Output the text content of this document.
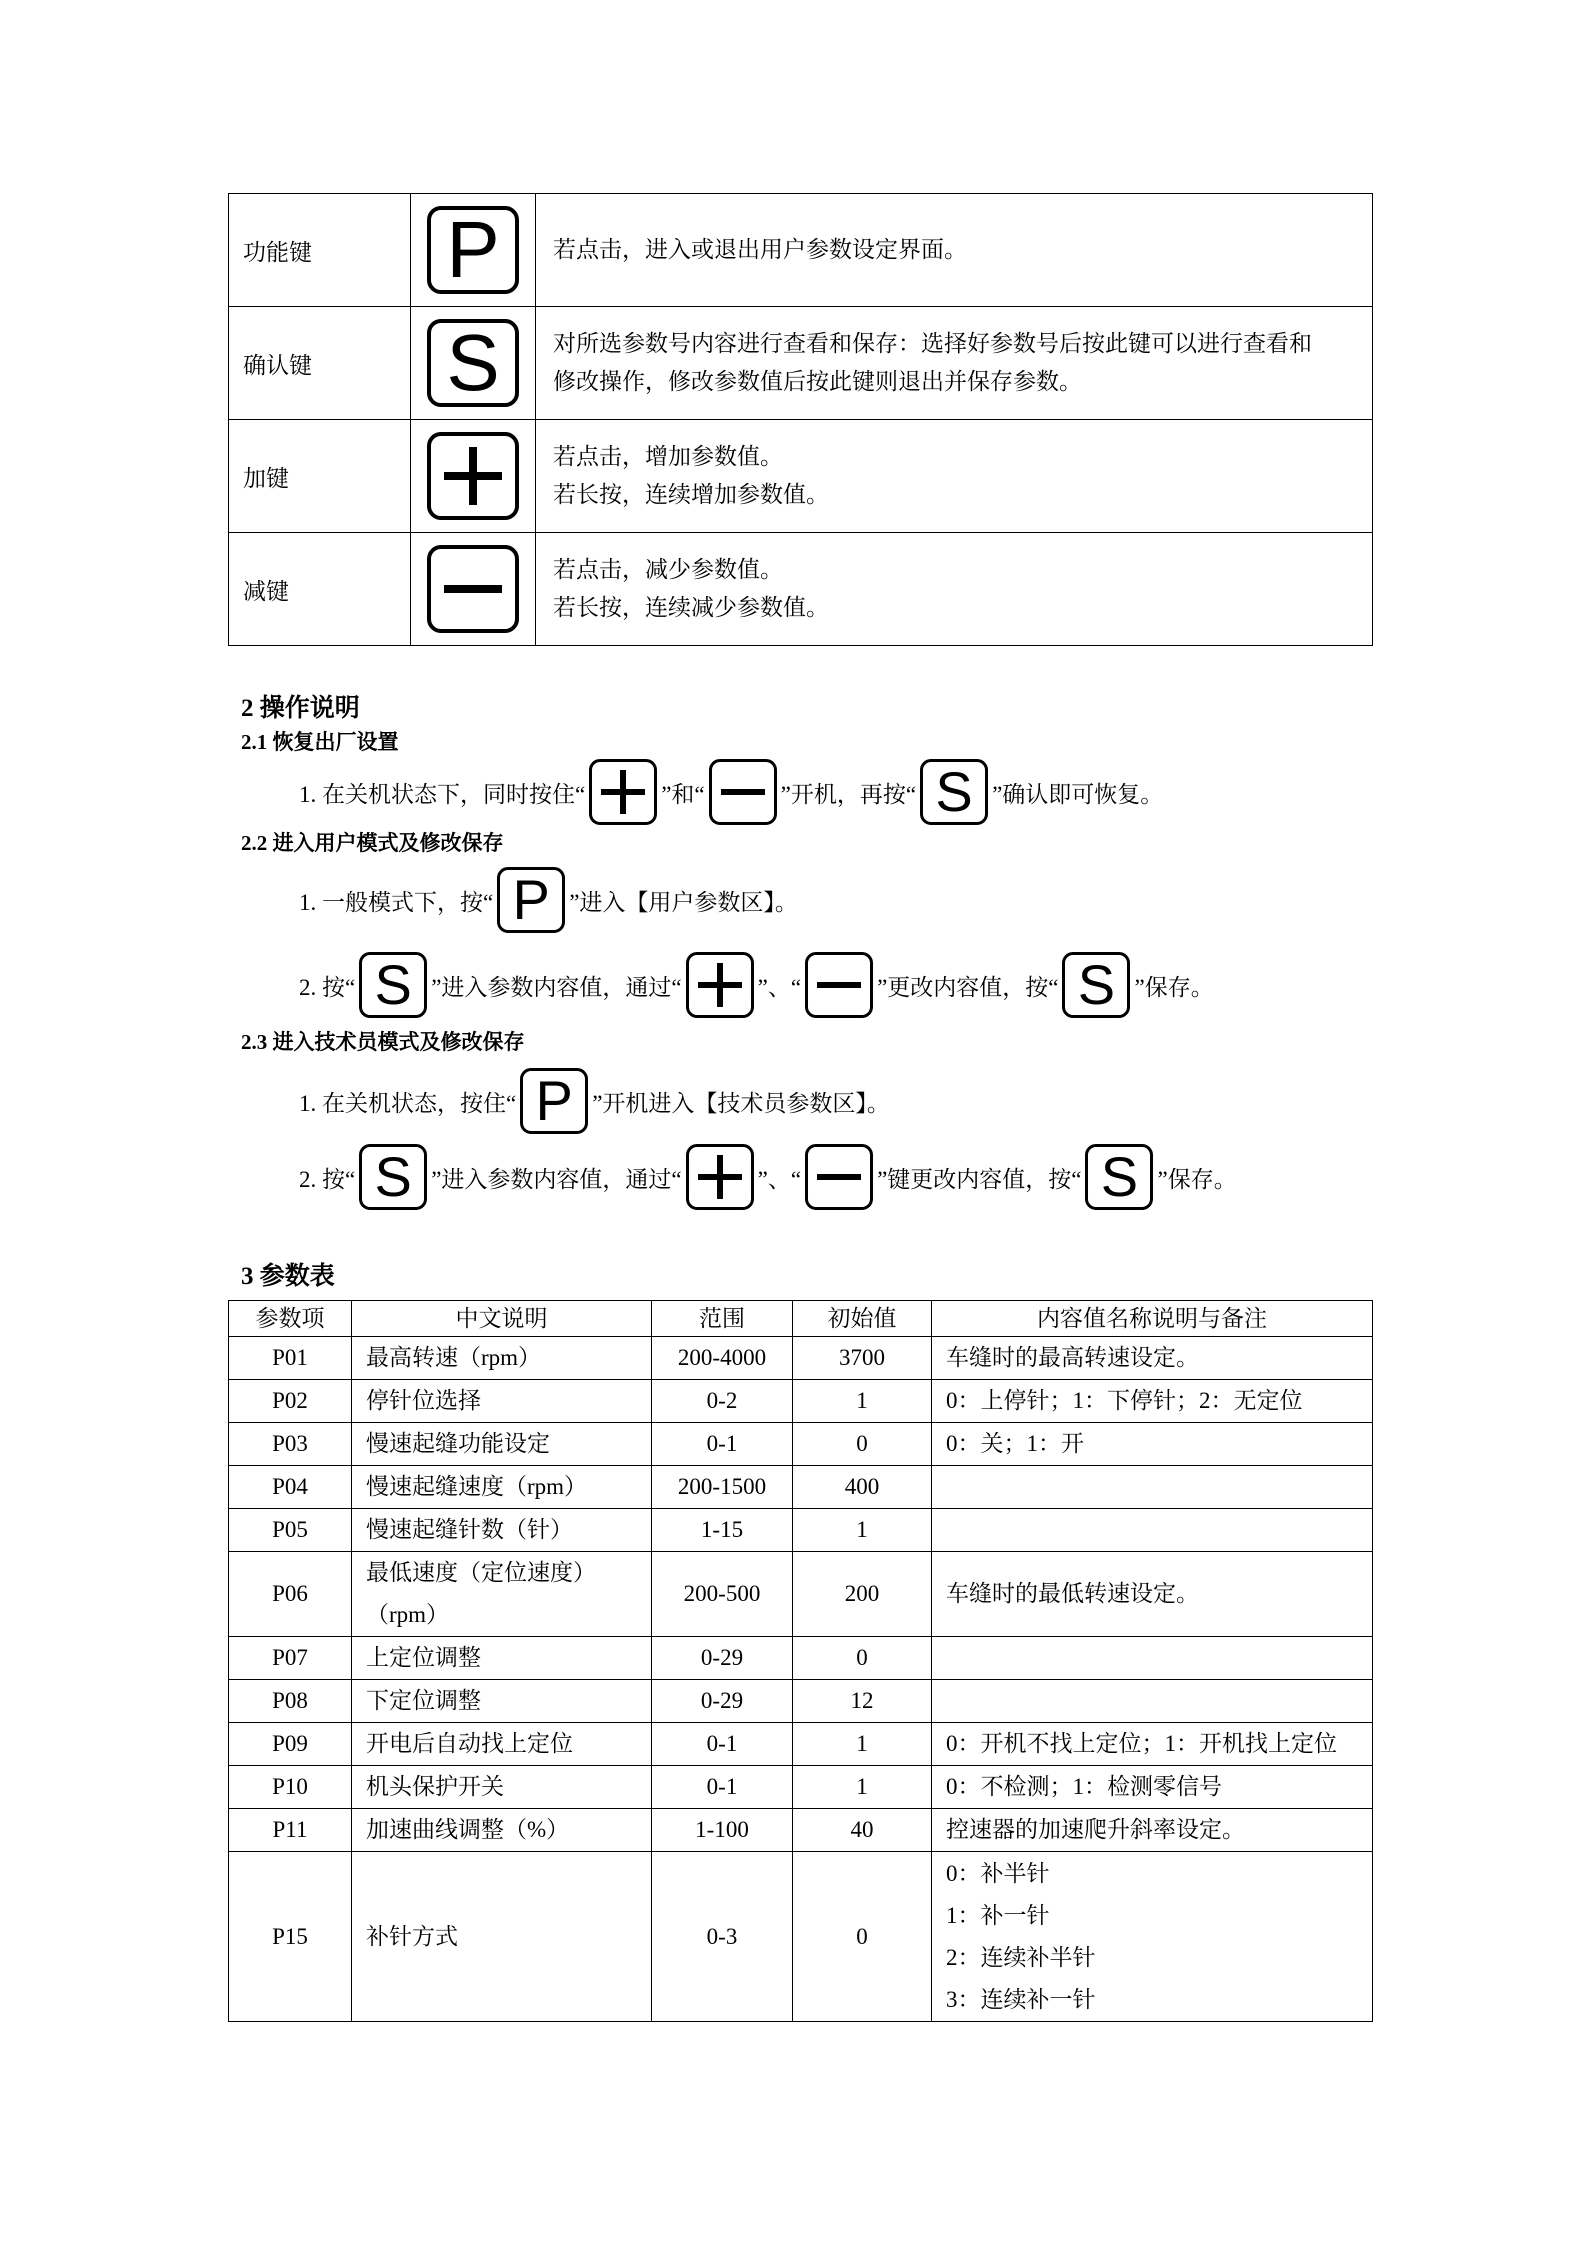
功能键	P	若点击，进入或退出用户参数设定界面。

确认键	S	对所选参数号内容进行查看和保存：选择好参数号后按此键可以进行查看和
修改操作，修改参数值后按此键则退出并保存参数。

加键		若点击，增加参数值。
若长按，连续增加参数值。

减键		若点击，减少参数值。
若长按，连续减少参数值。
2 操作说明
2.1 恢复出厂设置
1. 在关机状态下，同时按住“	”和“	”开机，再按“ S ”确认即可恢复。
2.2 进入用户模式及修改保存
1. 一般模式下，按“ P ”进入【用户参数区】。
2. 按“ S ”进入参数内容值，通过“	”、“	”更改内容值，按“ S ”保存。
2.3 进入技术员模式及修改保存
1. 在关机状态，按住“ P ”开机进入【技术员参数区】。
2. 按“ S ”进入参数内容值，通过“	”、“	”键更改内容值，按“ S ”保存。
3 参数表
参数项	中文说明	范围	初始值	内容值名称说明与备注
P01	最高转速（rpm）	200-4000	3700	车缝时的最高转速设定。
P02	停针位选择	0-2	1	0：上停针；1：下停针；2：无定位
P03	慢速起缝功能设定	0-1	0	0：关；1：开
P04	慢速起缝速度（rpm）	200-1500	400	
P05	慢速起缝针数（针）	1-15	1	
P06	最低速度（定位速度）
（rpm）	200-500	200	车缝时的最低转速设定。
P07	上定位调整	0-29	0	
P08	下定位调整	0-29	12	
P09	开电后自动找上定位	0-1	1	0：开机不找上定位；1：开机找上定位
P10	机头保护开关	0-1	1	0：不检测；1：检测零信号
P11	加速曲线调整（%）	1-100	40	控速器的加速爬升斜率设定。
P15	补针方式	0-3	0	0：补半针
1：补一针
2：连续补半针
3：连续补一针
